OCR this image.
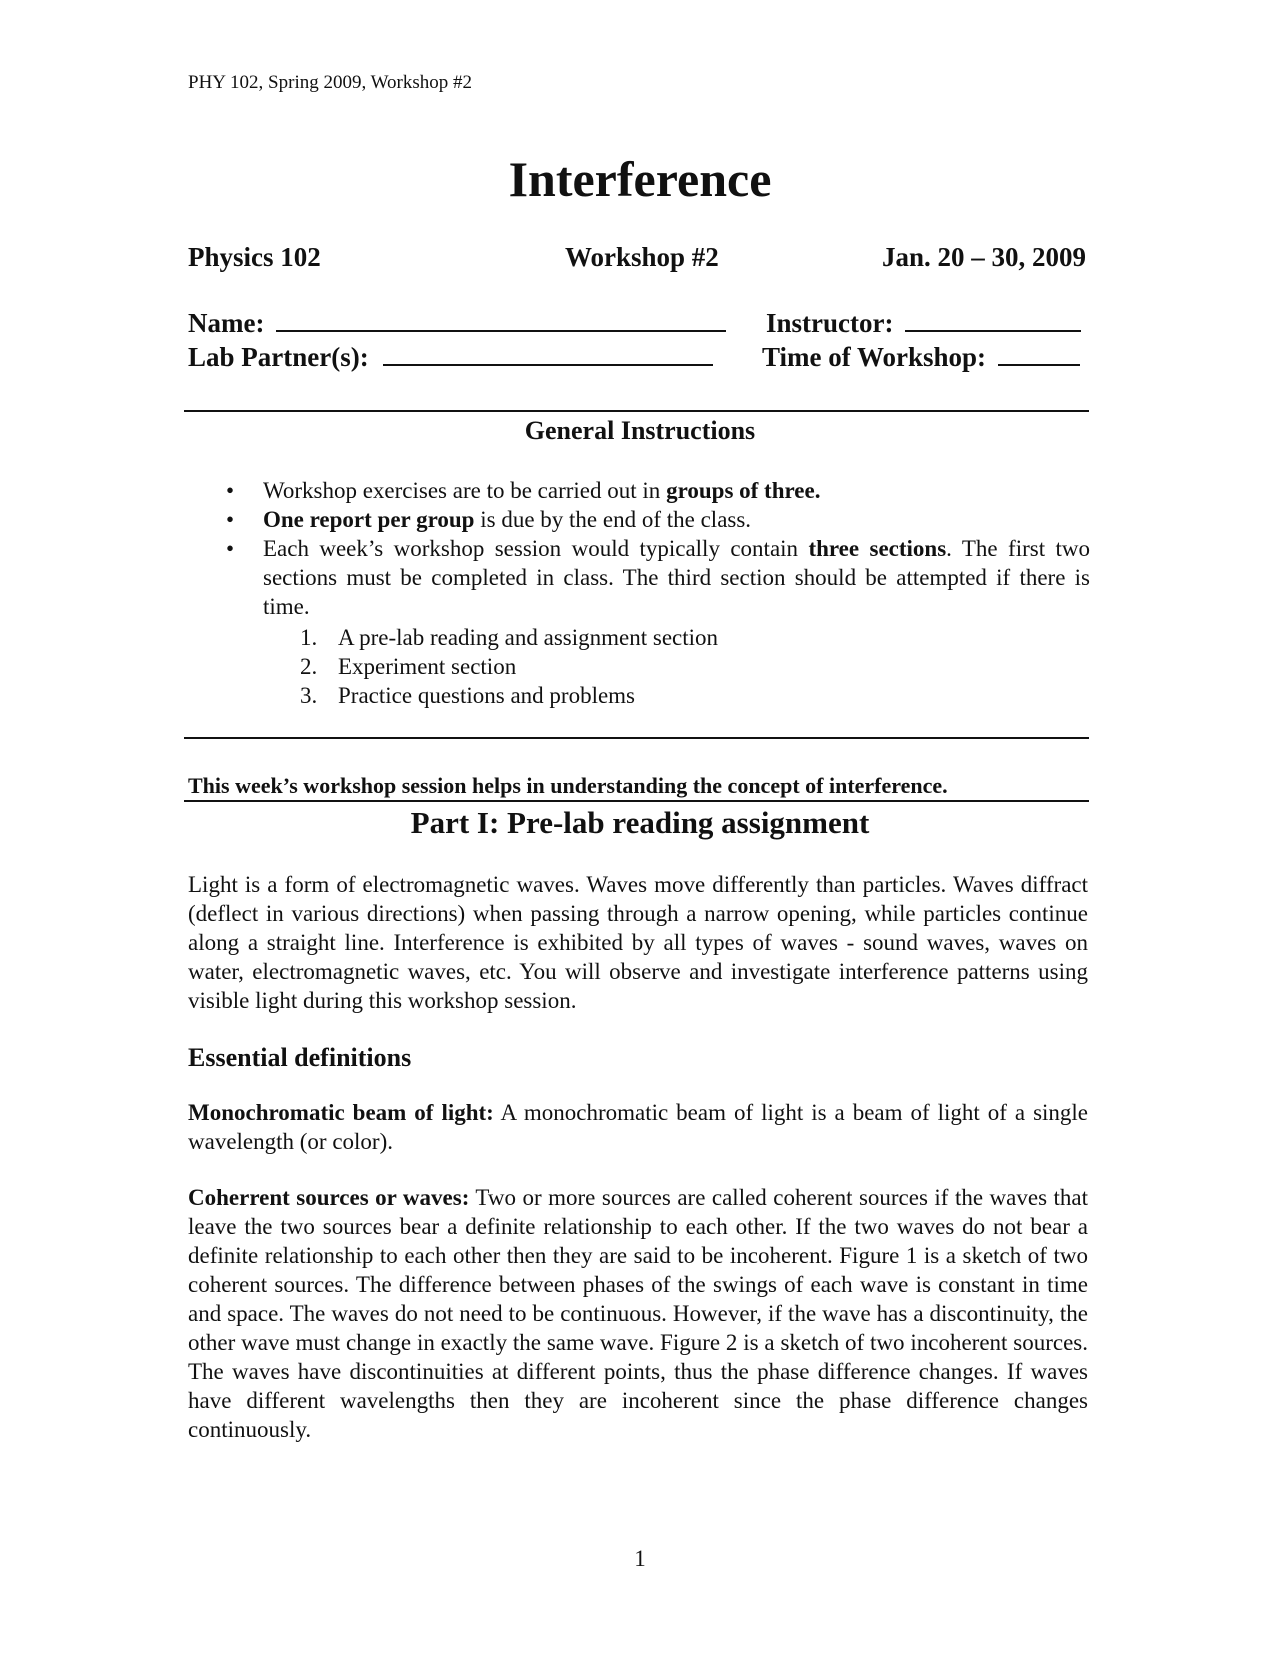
PHY 102, Spring 2009, Workshop #2
Interference
Physics 102	Workshop #2	Jan. 20 – 30, 2009
Name:
Lab Partner(s):
Instructor:
Time of Workshop:
General Instructions
• Workshop exercises are to be carried out in groups of three.
• One report per group is due by the end of the class.
• Each week’s workshop session would typically contain three sections. The first two sections must be completed in class. The third section should be attempted if there is time.
1. A pre-lab reading and assignment section
2. Experiment section
3. Practice questions and problems
This week’s workshop session helps in understanding the concept of interference.
Part I: Pre-lab reading assignment

Light is a form of electromagnetic waves. Waves move differently than particles. Waves diffract (deflect in various directions) when passing through a narrow opening, while particles continue along a straight line. Interference is exhibited by all types of waves - sound waves, waves on water, electromagnetic waves, etc. You will observe and investigate interference patterns using visible light during this workshop session.

Essential definitions

Monochromatic beam of light: A monochromatic beam of light is a beam of light of a single wavelength (or color).

Coherrent sources or waves: Two or more sources are called coherent sources if the waves that leave the two sources bear a definite relationship to each other. If the two waves do not bear a definite relationship to each other then they are said to be incoherent. Figure 1 is a sketch of two coherent sources. The difference between phases of the swings of each wave is constant in time and space. The waves do not need to be continuous. However, if the wave has a discontinuity, the other wave must change in exactly the same wave. Figure 2 is a sketch of two incoherent sources. The waves have discontinuities at different points, thus the phase difference changes. If waves have different wavelengths then they are incoherent since the phase difference changes continuously.

1
